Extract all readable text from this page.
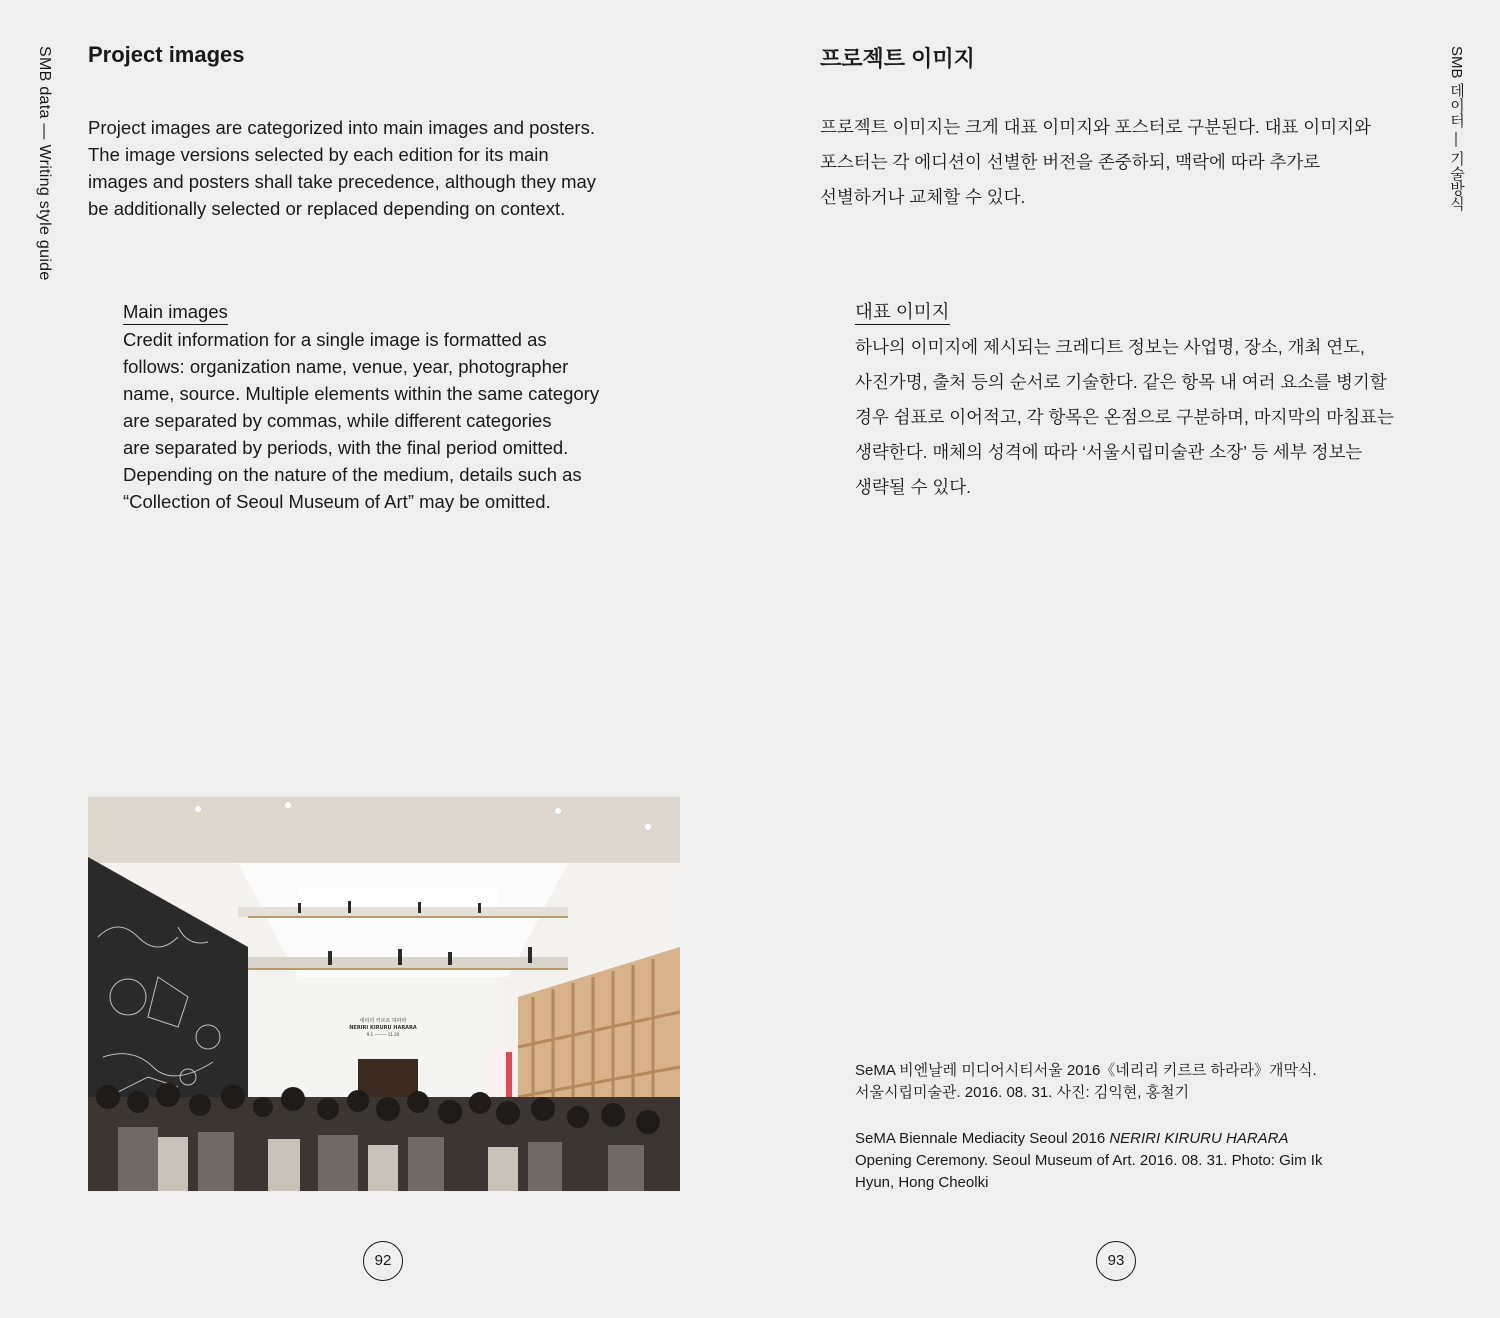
SMB data — Writing style guide Project images
Project images are categorized into main images and posters.
The image versions selected by each edition for its main
images and posters shall take precedence, although they may
be additionally selected or replaced depending on context.
Main images
Credit information for a single image is formatted as
follows: organization name, venue, year, photographer
name, source. Multiple elements within the same category
are separated by commas, while different categories
are separated by periods, with the final period omitted.
Depending on the nature of the medium, details such as
“Collection of Seoul Museum of Art” may be omitted.
네리리 키르르 하라라
NERIRI KIRURU HARARA
9.1 ——— 11.20
92
SMB 데이터 — 기술방식
프로젝트 이미지
프로젝트 이미지는 크게 대표 이미지와 포스터로 구분된다. 대표 이미지와
포스터는 각 에디션이 선별한 버전을 존중하되, 맥락에 따라 추가로
선별하거나 교체할 수 있다.
대표 이미지
하나의 이미지에 제시되는 크레디트 정보는 사업명, 장소, 개최 연도,
사진가명, 출처 등의 순서로 기술한다. 같은 항목 내 여러 요소를 병기할
경우 쉼표로 이어적고, 각 항목은 온점으로 구분하며, 마지막의 마침표는
생략한다. 매체의 성격에 따라 ‘서울시립미술관 소장’ 등 세부 정보는
생략될 수 있다.
SeMA 비엔날레 미디어시티서울 2016《네리리 키르르 하라라》개막식.
서울시립미술관. 2016. 08. 31. 사진: 김익현, 홍철기
SeMA Biennale Mediacity Seoul 2016 NERIRI KIRURU HARARA
Opening Ceremony. Seoul Museum of Art. 2016. 08. 31. Photo: Gim Ik
Hyun, Hong Cheolki
93
